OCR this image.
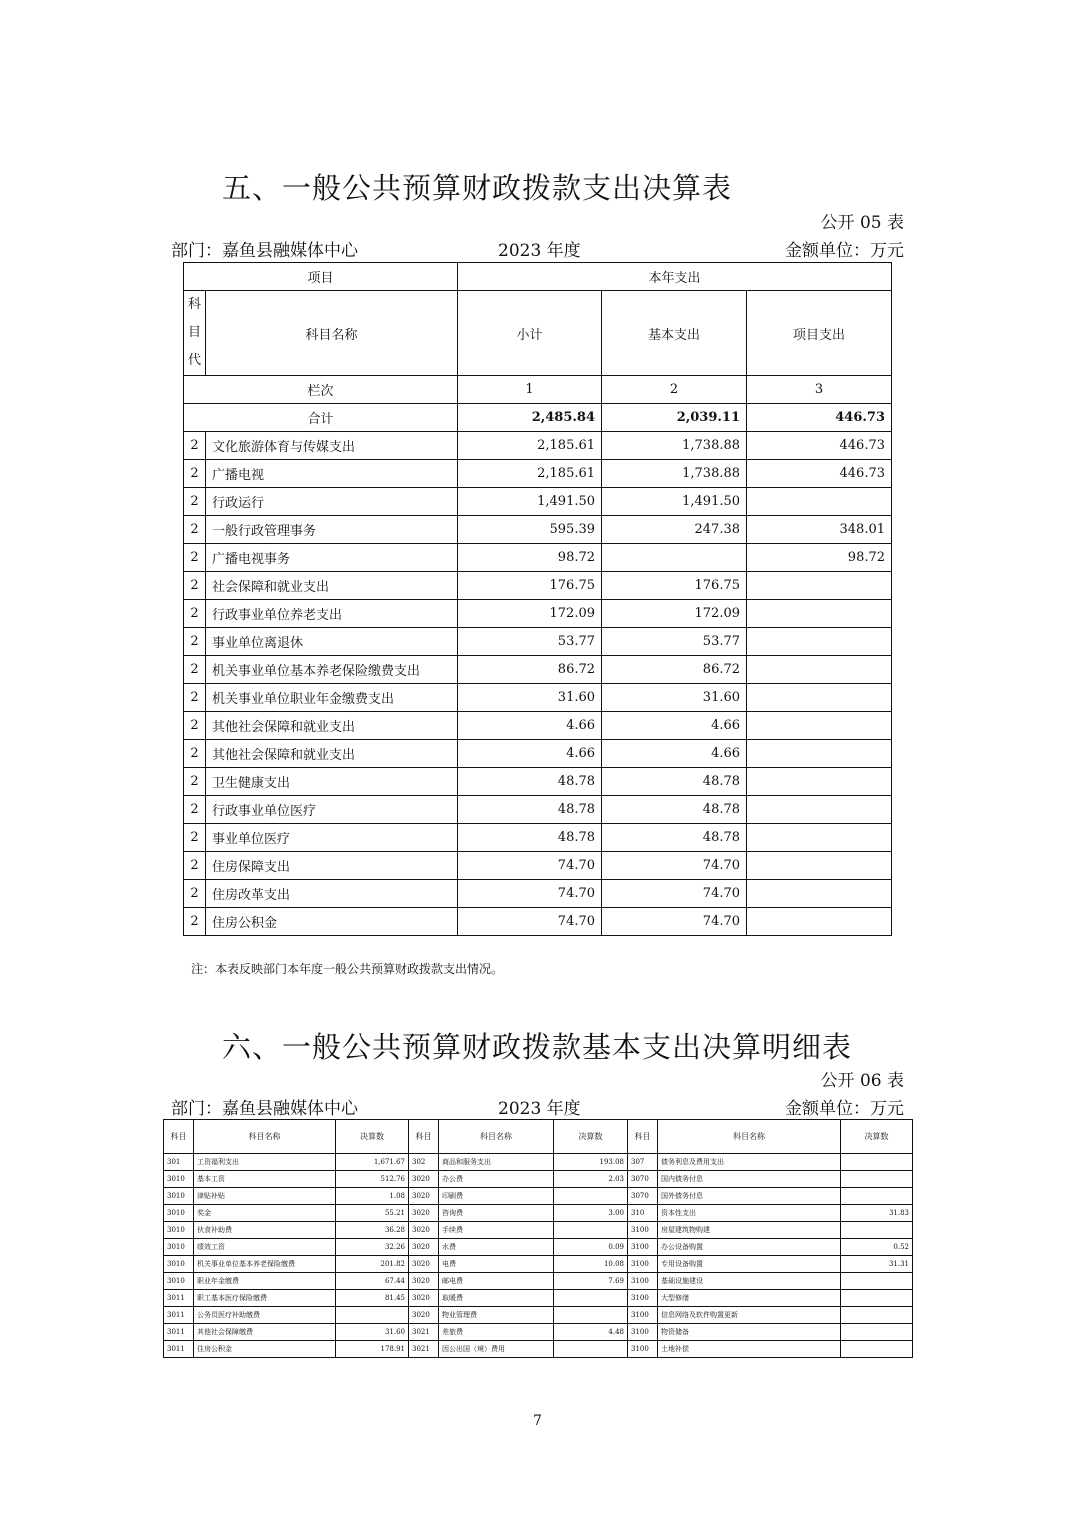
五、一般公共预算财政拨款支出决算表
公开 05 表
部门：嘉鱼县融媒体中心	2023 年度	金额单位：万元
项目		本年支出		

科
目
代	科目名称	小计	基本支出	项目支出
栏次		1	2	3
合计		2,485.84	2,039.11	446.73
2	文化旅游体育与传媒支出	2,185.61	1,738.88	446.73
2	广播电视	2,185.61	1,738.88	446.73
2	行政运行	1,491.50	1,491.50	
2	一般行政管理事务	595.39	247.38	348.01
2	广播电视事务	98.72		98.72
2	社会保障和就业支出	176.75	176.75	
2	行政事业单位养老支出	172.09	172.09	
2	事业单位离退休	53.77	53.77	
2	机关事业单位基本养老保险缴费支出	86.72	86.72	
2	机关事业单位职业年金缴费支出	31.60	31.60	
2	其他社会保障和就业支出	4.66	4.66	
2	其他社会保障和就业支出	4.66	4.66	
2	卫生健康支出	48.78	48.78	
2	行政事业单位医疗	48.78	48.78	
2	事业单位医疗	48.78	48.78	
2	住房保障支出	74.70	74.70	
2	住房改革支出	74.70	74.70	
2	住房公积金	74.70	74.70	
注：本表反映部门本年度一般公共预算财政拨款支出情况。
六、一般公共预算财政拨款基本支出决算明细表
公开 06 表
部门：嘉鱼县融媒体中心	2023 年度	金额单位：万元
科目	科目名称	决算数	科目	科目名称	决算数	科目	科目名称	决算数
301	工资福利支出	1,671.67	302	商品和服务支出	193.08	307	债务利息及费用支出	
3010	基本工资	512.76	3020	办公费	2.03	3070	国内债务付息	
3010	津贴补贴	1.08	3020	印刷费		3070	国外债务付息	
3010	奖金	55.21	3020	咨询费	3.00	310	资本性支出	31.83
3010	伙食补助费	36.28	3020	手续费		3100	房屋建筑物购建	
3010	绩效工资	32.26	3020	水费	0.09	3100	办公设备购置	0.52
3010	机关事业单位基本养老保险缴费	201.82	3020	电费	10.08	3100	专用设备购置	31.31
3010	职业年金缴费	67.44	3020	邮电费	7.69	3100	基础设施建设	
3011	职工基本医疗保险缴费	81.45	3020	取暖费		3100	大型修缮	
3011	公务员医疗补助缴费		3020	物业管理费		3100	信息网络及软件购置更新	
3011	其他社会保障缴费	31.60	3021	差旅费	4.48	3100	物资储备	
3011	住房公积金	178.91	3021	因公出国（境）费用		3100	土地补偿	
7
